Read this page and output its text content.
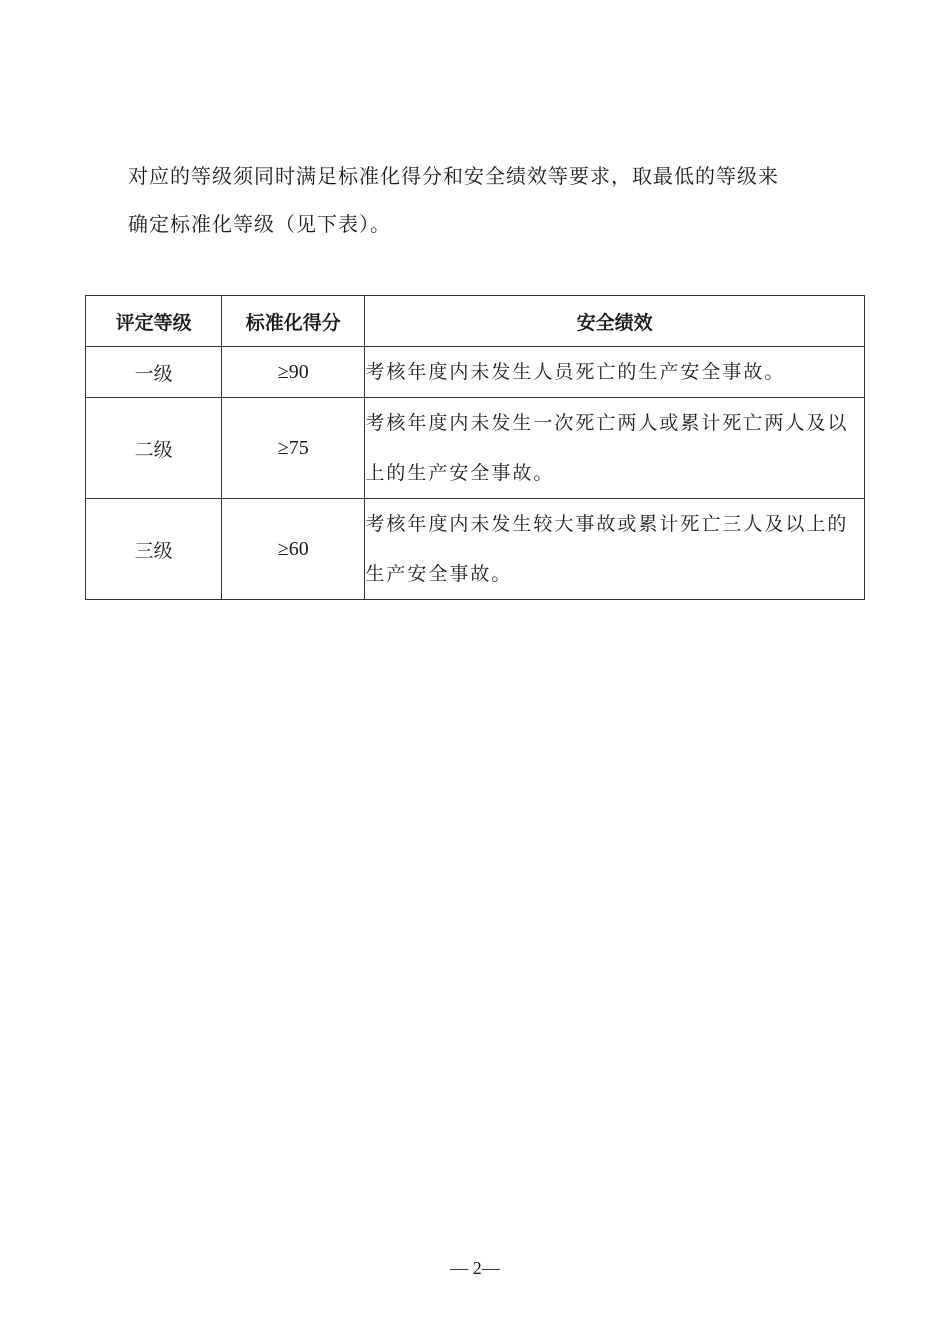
对应的等级须同时满足标准化得分和安全绩效等要求，取最低的等级来
确定标准化等级（见下表）。
评定等级	标准化得分	安全绩效
一级	≥90	考核年度内未发生人员死亡的生产安全事故。
二级	≥75	考核年度内未发生一次死亡两人或累计死亡两人及以上的生产安全事故。
三级	≥60	考核年度内未发生较大事故或累计死亡三人及以上的生产安全事故。
— 2—
